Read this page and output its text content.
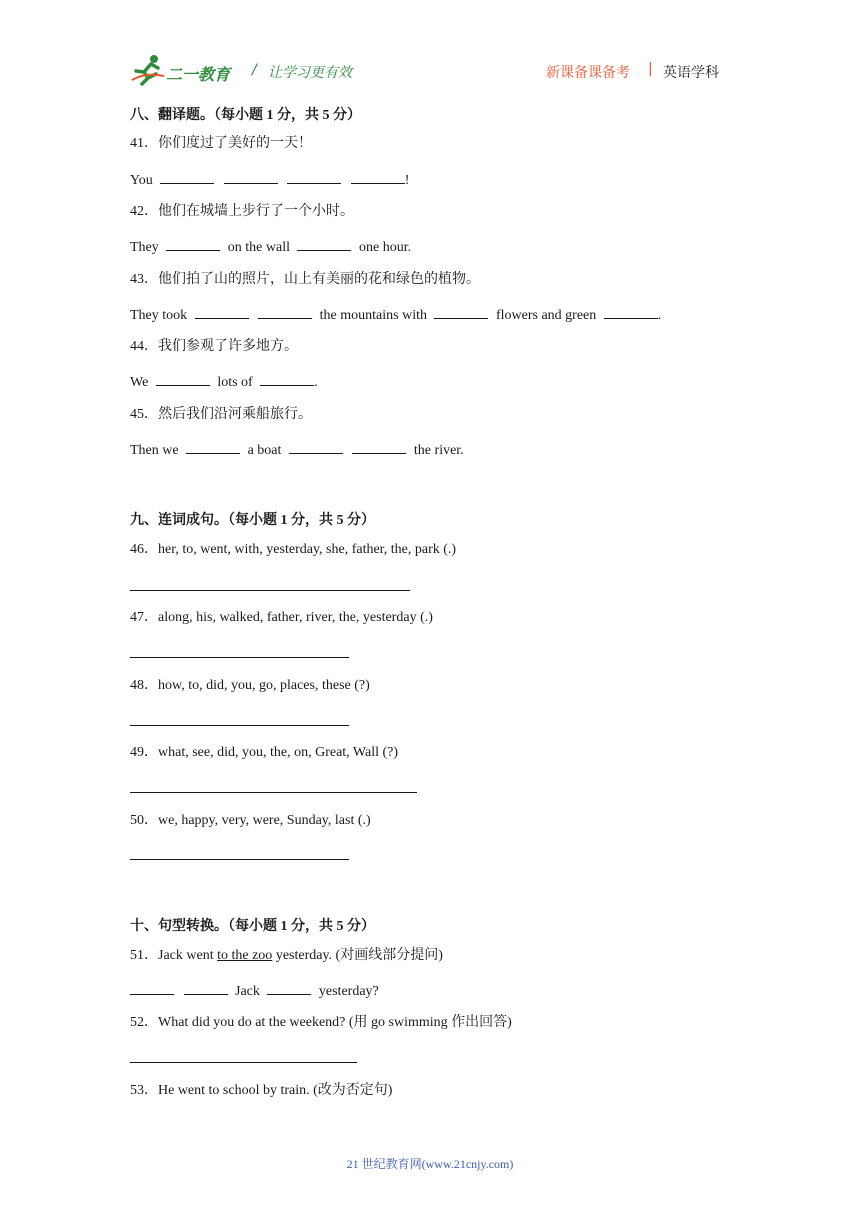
二一教育 / 让学习更有效	新课备课备考 | 英语学科
八、翻译题。（每小题 1 分，共 5 分）
41．你们度过了美好的一天！
You	!
42．他们在城墙上步行了一个小时。
They	on the wall	one hour.
43．他们拍了山的照片，山上有美丽的花和绿色的植物。
They took	the mountains with	flowers and green	.
44．我们参观了许多地方。
We	lots of	.
45．然后我们沿河乘船旅行。
Then we	a boat	the river.
九、连词成句。（每小题 1 分，共 5 分）
46．her, to, went, with, yesterday, she, father, the, park (.)
47．along, his, walked, father, river, the, yesterday (.)
48．how, to, did, you, go, places, these (?)
49．what, see, did, you, the, on, Great, Wall (?)
50．we, happy, very, were, Sunday, last (.)
十、句型转换。（每小题 1 分，共 5 分）
51．Jack went to the zoo yesterday. (对画线部分提问)
Jack	yesterday?
52．What did you do at the weekend? (用 go swimming 作出回答)
53．He went to school by train. (改为否定句)
21 世纪教育网(www.21cnjy.com)
